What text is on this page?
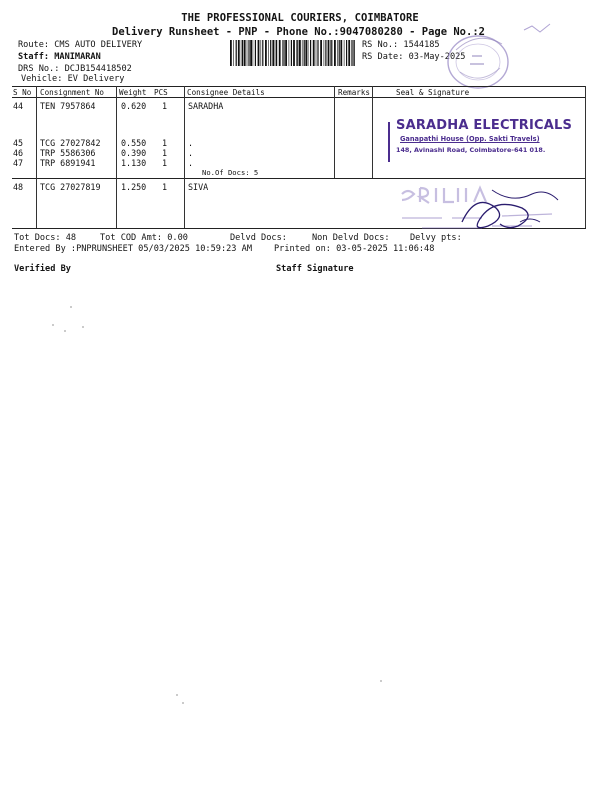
THE PROFESSIONAL COURIERS, COIMBATORE
Delivery Runsheet - PNP - Phone No.:9047080280 - Page No.:2
Route: CMS AUTO DELIVERY
Staff: MANIMARAN
DRS No.: DCJB154418502
Vehicle: EV Delivery
RS No.: 1544185
RS Date: 03-May-2025
S No Consignment No Weight PCS	Consignee Details	Remarks	Seal & Signature
44 TEN 7957864	0.620 1 SARADHA
45 TCG 27027842 0.550 1 .
46 TRP 5586306	0.390 1 .
47 TRP 6891941	1.130 1 .
No.Of Docs: 5
48 TCG 27027819 1.250 1 SIVA
SARADHA ELECTRICALS
Ganapathi House (Opp. Sakti Travels)
148, Avinashi Road, Coimbatore-641 018.
Tot Docs: 48	Tot COD Amt: 0.00	Delvd Docs:	Non Delvd Docs: Delvy pts:
Entered By :PNPRUNSHEET 05/03/2025 10:59:23 AM	Printed on: 03-05-2025 11:06:48
Verified By	Staff Signature
